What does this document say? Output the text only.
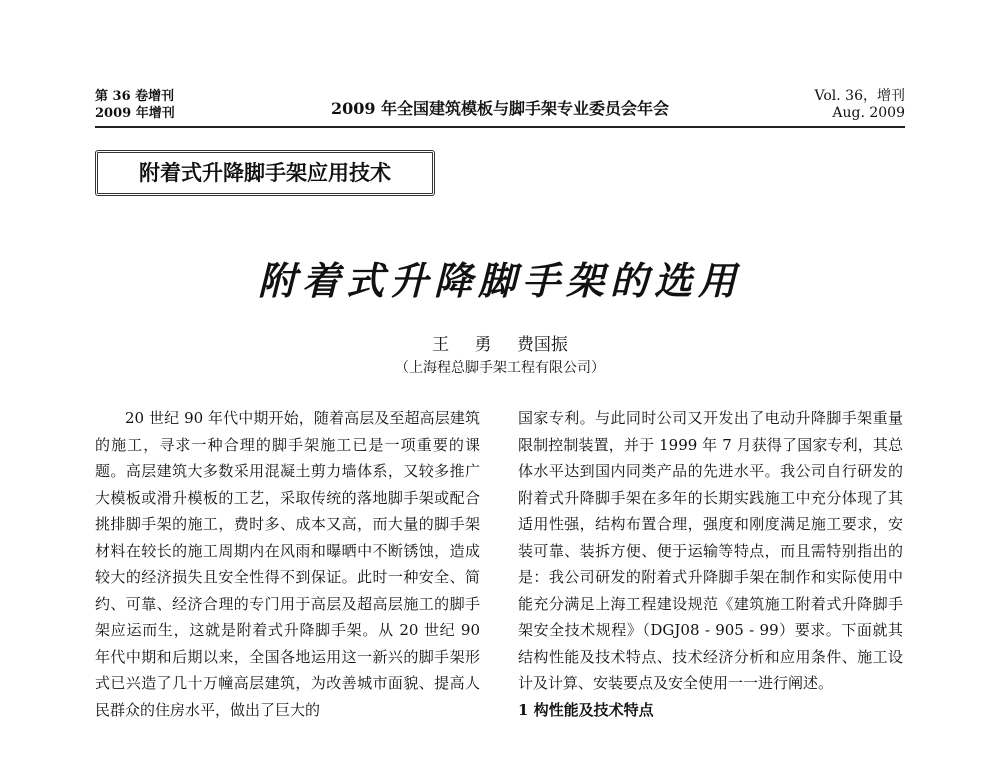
第 36 卷增刊
2009 年增刊	2009 年全国建筑模板与脚手架专业委员会年会
Vol. 36，增刊
Aug. 2009
附着式升降脚手架应用技术
附着式升降脚手架的选用
王 勇 费国振
（上海程总脚手架工程有限公司）
20 世纪 90 年代中期开始，随着高层及至超高层建筑的施工，寻求一种合理的脚手架施工已是一项重要的课题。高层建筑大多数采用混凝土剪力墙体系，又较多推广大模板或滑升模板的工艺，采取传统的落地脚手架或配合挑排脚手架的施工，费时多、成本又高，而大量的脚手架材料在较长的施工周期内在风雨和曝晒中不断锈蚀，造成较大的经济损失且安全性得不到保证。此时一种安全、简约、可靠、经济合理的专门用于高层及超高层施工的脚手架应运而生，这就是附着式升降脚手架。从 20 世纪 90 年代中期和后期以来，全国各地运用这一新兴的脚手架形式已兴造了几十万幢高层建筑，为改善城市面貌、提高人民群众的住房水平，做出了巨大的
国家专利。与此同时公司又开发出了电动升降脚手架重量限制控制装置，并于 1999 年 7 月获得了国家专利，其总体水平达到国内同类产品的先进水平。我公司自行研发的附着式升降脚手架在多年的长期实践施工中充分体现了其适用性强，结构布置合理，强度和刚度满足施工要求，安装可靠、装拆方便、便于运输等特点，而且需特别指出的是：我公司研发的附着式升降脚手架在制作和实际使用中能充分满足上海工程建设规范《建筑施工附着式升降脚手架安全技术规程》（DGJ08 - 905 - 99）要求。下面就其结构性能及技术特点、技术经济分析和应用条件、施工设计及计算、安装要点及安全使用一一进行阐述。
1 构性能及技术特点
